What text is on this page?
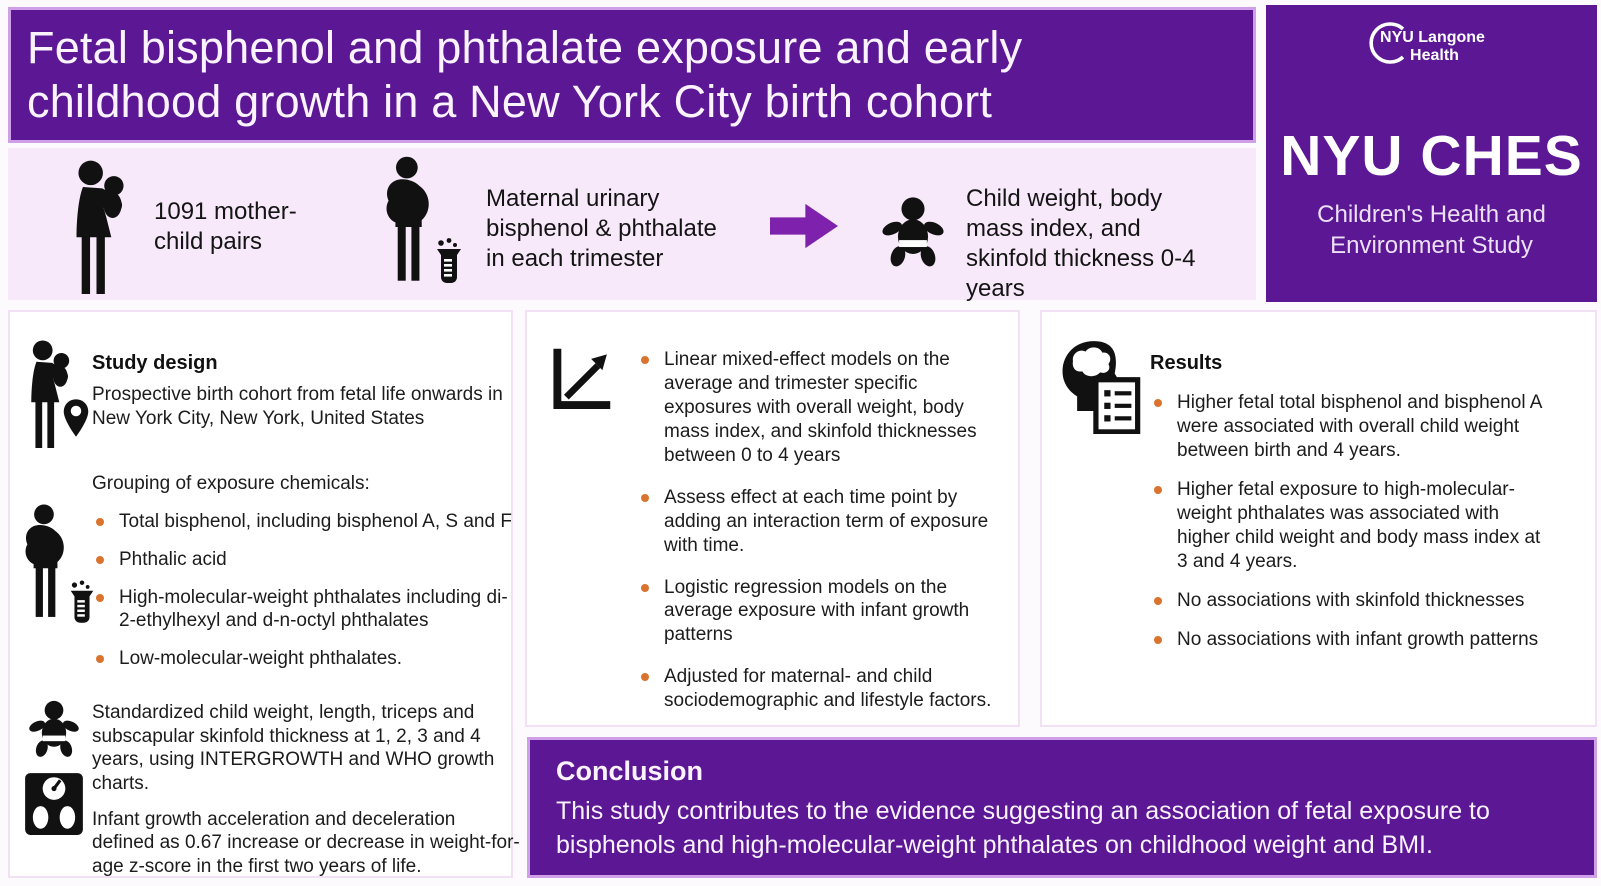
Fetal bisphenol and phthalate exposure and early childhood growth in a New York City birth cohort
NYU Langone
Health
NYU CHES
Children's Health and
Environment Study
1091 mother-child pairs
Maternal urinary bisphenol & phthalate in each trimester
Child weight, body mass index, and skinfold thickness 0-4 years
Study design

Prospective birth cohort from fetal life onwards in New York City, New York, United States

Grouping of exposure chemicals:

Total bisphenol, including bisphenol A, S and F
Phthalic acid
High-molecular-weight phthalates including di-2-ethylhexyl and d-n-octyl phthalates
Low-molecular-weight phthalates.

Standardized child weight, length, triceps and subscapular skinfold thickness at 1, 2, 3 and 4 years, using INTERGROWTH and WHO growth charts.

Infant growth acceleration and deceleration defined as 0.67 increase or decrease in weight-for-age z-score in the first two years of life.

Linear mixed-effect models on the average and trimester specific exposures with overall weight, body mass index, and skinfold thicknesses between 0 to 4 years
Assess effect at each time point by adding an interaction term of exposure with time.
Logistic regression models on the average exposure with infant growth patterns
Adjusted for maternal- and child sociodemographic and lifestyle factors.
Results
Higher fetal total bisphenol and bisphenol A were associated with overall child weight between birth and 4 years.
Higher fetal exposure to high-molecular-weight phthalates was associated with higher child weight and body mass index at 3 and 4 years.
No associations with skinfold thicknesses
No associations with infant growth patterns
Conclusion

This study contributes to the evidence suggesting an association of fetal exposure to bisphenols and high-molecular-weight phthalates on childhood weight and BMI.
